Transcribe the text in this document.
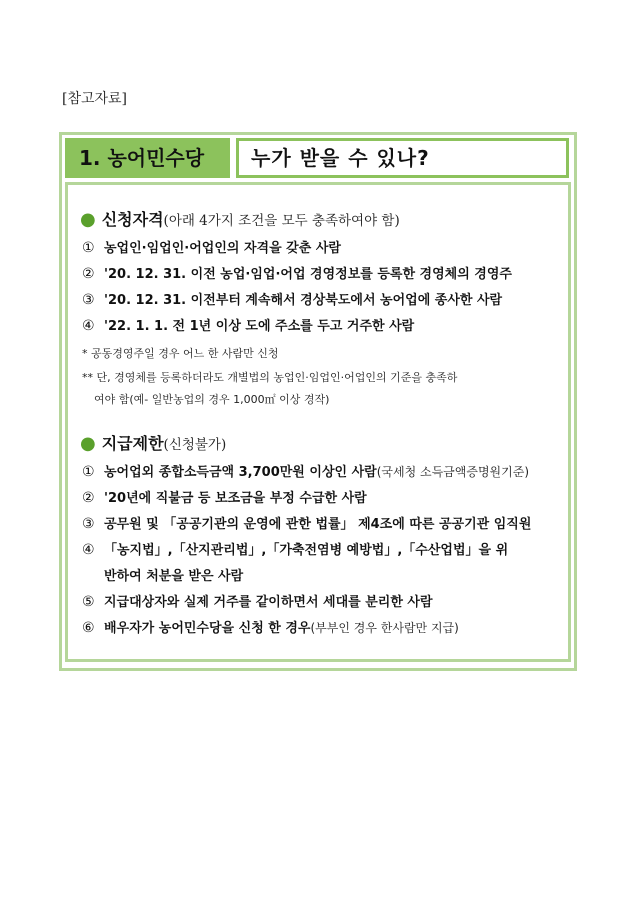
[참고자료]
1. 농어민수당	누가 받을 수 있나?
● 신청자격(아래 4가지 조건을 모두 충족하여야 함)
① 농업인·임업인·어업인의 자격을 갖춘 사람
② '20. 12. 31. 이전 농업·임업·어업 경영정보를 등록한 경영체의 경영주
③ '20. 12. 31. 이전부터 계속해서 경상북도에서 농어업에 종사한 사람
④ '22. 1. 1. 전 1년 이상 도에 주소를 두고 거주한 사람
* 공동경영주일 경우 어느 한 사람만 신청
** 단, 경영체를 등록하더라도 개별법의 농업인·임업인·어업인의 기준을 충족하
여야 함(예- 일반농업의 경우 1,000㎡ 이상 경작)
● 지급제한(신청불가)
① 농어업외 종합소득금액 3,700만원 이상인 사람(국세청 소득금액증명원기준)
② '20년에 직불금 등 보조금을 부정 수급한 사람
③ 공무원 및 「공공기관의 운영에 관한 법률」 제4조에 따른 공공기관 임직원
④ 「농지법」,「산지관리법」,「가축전염병 예방법」,「수산업법」을 위
반하여 처분을 받은 사람
⑤ 지급대상자와 실제 거주를 같이하면서 세대를 분리한 사람
⑥ 배우자가 농어민수당을 신청 한 경우(부부인 경우 한사람만 지급)
